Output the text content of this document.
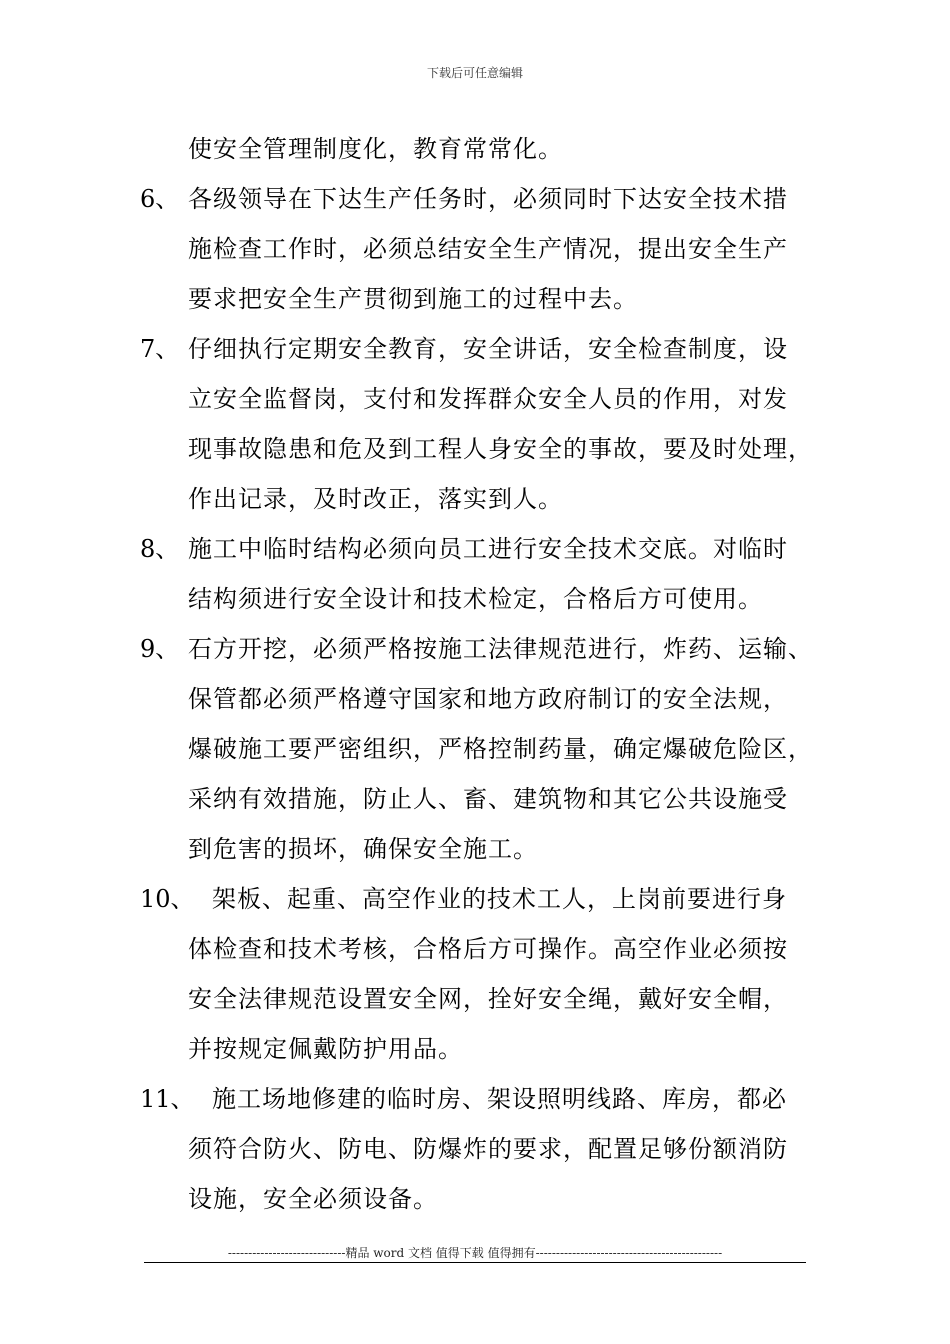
下载后可任意编辑
使安全管理制度化，教育常常化。
6、 各级领导在下达生产任务时，必须同时下达安全技术措
施检查工作时，必须总结安全生产情况，提出安全生产
要求把安全生产贯彻到施工的过程中去。
7、 仔细执行定期安全教育，安全讲话，安全检查制度，设
立安全监督岗，支付和发挥群众安全人员的作用，对发
现事故隐患和危及到工程人身安全的事故，要及时处理，
作出记录，及时改正，落实到人。
8、 施工中临时结构必须向员工进行安全技术交底。对临时
结构须进行安全设计和技术检定，合格后方可使用。
9、 石方开挖，必须严格按施工法律规范进行，炸药、运输、
保管都必须严格遵守国家和地方政府制订的安全法规，
爆破施工要严密组织，严格控制药量，确定爆破危险区，
采纳有效措施，防止人、畜、建筑物和其它公共设施受
到危害的损坏，确保安全施工。
10、 架板、起重、高空作业的技术工人，上岗前要进行身
体检查和技术考核，合格后方可操作。高空作业必须按
安全法律规范设置安全网，拴好安全绳，戴好安全帽，
并按规定佩戴防护用品。
11、 施工场地修建的临时房、架设照明线路、库房，都必
须符合防火、防电、防爆炸的要求，配置足够份额消防
设施，安全必须设备。
-----------------------------精品 word 文档 值得下载 值得拥有----------------------------------------------
